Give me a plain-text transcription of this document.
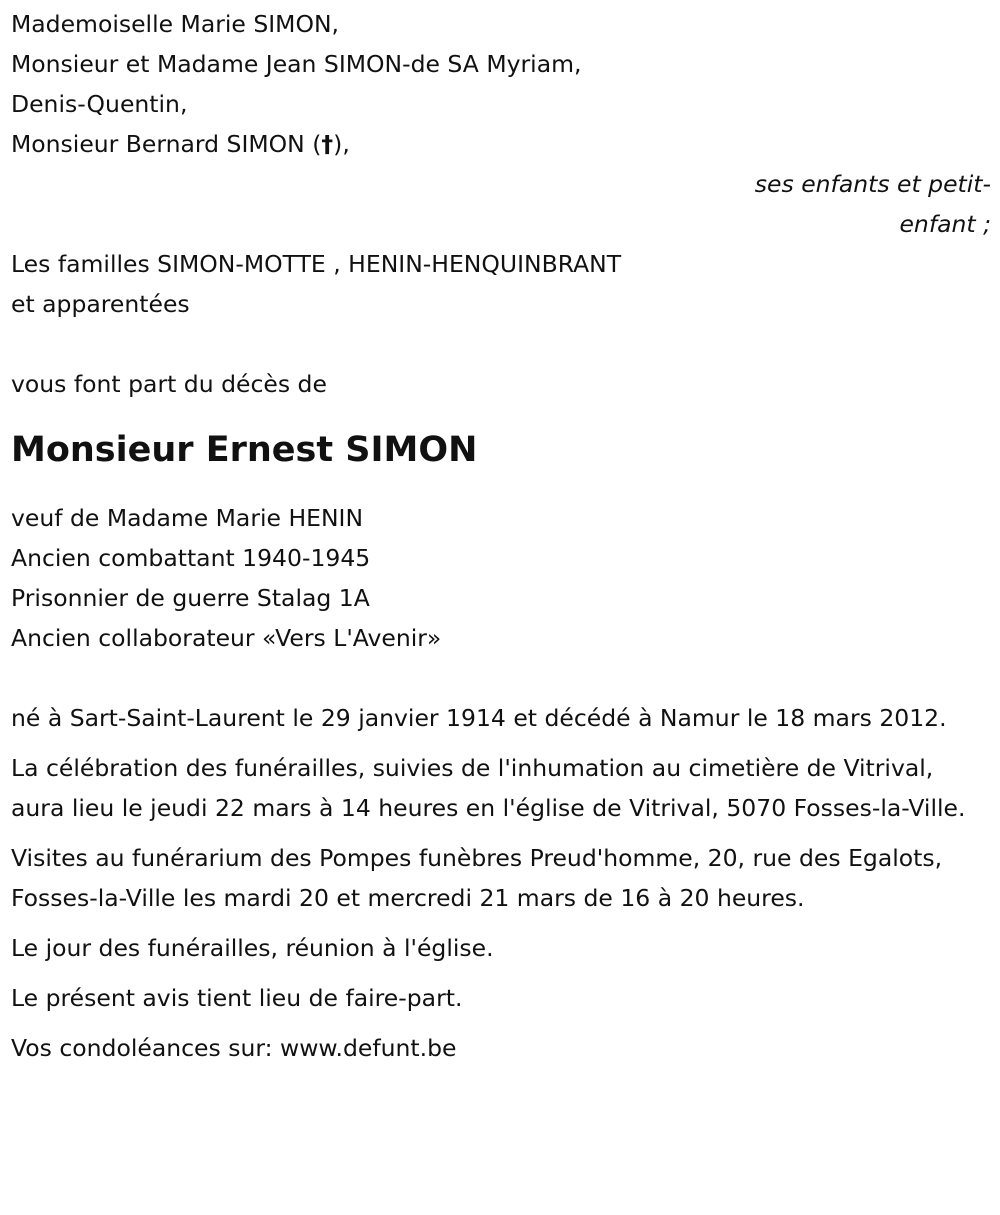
Mademoiselle Marie SIMON,
Monsieur et Madame Jean SIMON-de SA Myriam,
Denis-Quentin,
Monsieur Bernard SIMON (†),
ses enfants et petit-
enfant ;
Les familles SIMON-MOTTE , HENIN-HENQUINBRANT
et apparentées
vous font part du décès de
Monsieur Ernest SIMON
veuf de Madame Marie HENIN
Ancien combattant 1940-1945
Prisonnier de guerre Stalag 1A
Ancien collaborateur «Vers L'Avenir»
né à Sart-Saint-Laurent le 29 janvier 1914 et décédé à Namur le 18 mars 2012.
La célébration des funérailles, suivies de l'inhumation au cimetière de Vitrival, aura lieu le jeudi 22 mars à 14 heures en l'église de Vitrival, 5070 Fosses-la-Ville.
Visites au funérarium des Pompes funèbres Preud'homme, 20, rue des Egalots, Fosses-la-Ville les mardi 20 et mercredi 21 mars de 16 à 20 heures.
Le jour des funérailles, réunion à l'église.
Le présent avis tient lieu de faire-part.
Vos condoléances sur: www.defunt.be
